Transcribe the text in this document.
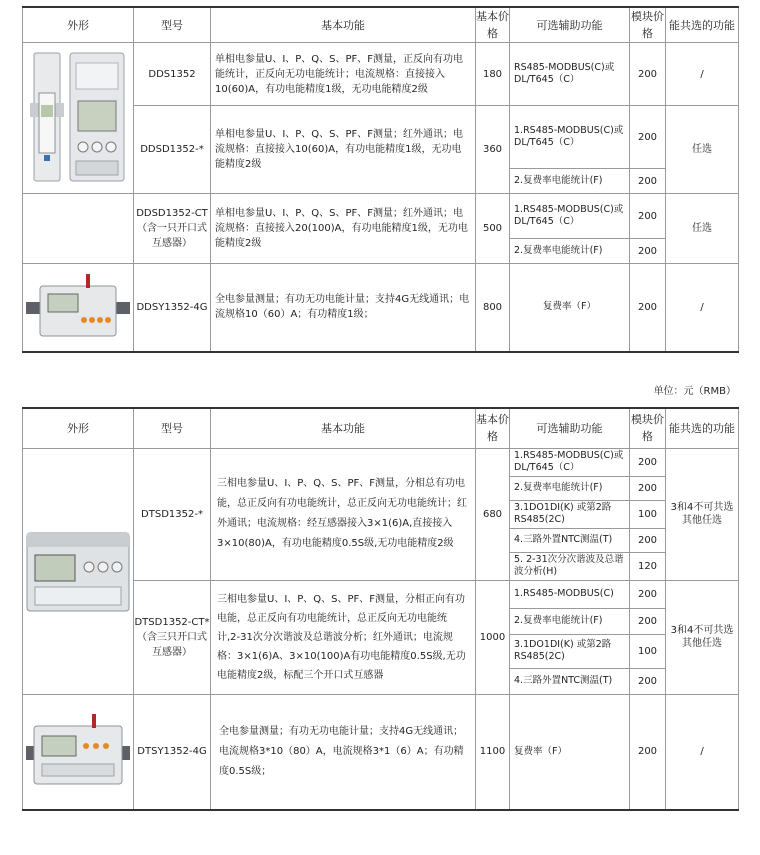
外形	型号	基本功能	基本价格	可选辅助功能	模块价格	能共选的功能

	DDS1352	单相电参量U、I、P、Q、S、PF、F测量，正反向有功电能统计，正反向无功电能统计；电流规格：直接接入10(60)A，有功电能精度1级，无功电能精度2级	180	RS485-MODBUS(C)或DL/T645（C）	200	/
	DDSD1352-*	单相电参量U、I、P、Q、S、PF、F测量；红外通讯；电流规格：直接接入10(60)A，有功电能精度1级，无功电能精度2级	360	1.RS485-MODBUS(C)或DL/T645（C）	200	任选
				2.复费率电能统计(F)	200	
	DDSD1352-CT（含一只开口式互感器）	单相电参量U、I、P、Q、S、PF、F测量；红外通讯；电流规格：直接接入20(100)A，有功电能精度1级，无功电能精度2级	500	1.RS485-MODBUS(C)或DL/T645（C）	200	任选
				2.复费率电能统计(F)	200	

	DDSY1352-4G	全电参量测量；有功无功电能计量；支持4G无线通讯；电流规格10（60）A；有功精度1级；	800	复费率（F）	200	/
单位：元（RMB）
外形	型号	基本功能	基本价格	可选辅助功能	模块价格	能共选的功能

	DTSD1352-*	三相电参量U、I、P、Q、S、PF、F测量，分相总有功电能，总正反向有功电能统计，总正反向无功电能统计；红外通讯；电流规格：经互感器接入3×1(6)A,直接接入3×10(80)A，有功电能精度0.5S级,无功电能精度2级	680	1.RS485-MODBUS(C)或DL/T645（C）	200	3和4不可共选其他任选
				2.复费率电能统计(F)	200	
				3.1DO1DI(K) 或第2路RS485(2C)	100	
				4.三路外置NTC测温(T)	200	
				5. 2-31次分次谐波及总谐波分析(H)	120	
	DTSD1352-CT*（含三只开口式互感器）	三相电参量U、I、P、Q、S、PF、F测量，分相正向有功电能，总正反向有功电能统计，总正反向无功电能统计,2-31次分次谐波及总谐波分析；红外通讯；电流规格：3×1(6)A、3×10(100)A有功电能精度0.5S级,无功电能精度2级，标配三个开口式互感器	1000	1.RS485-MODBUS(C)	200	3和4不可共选其他任选
				2.复费率电能统计(F)	200	
				3.1DO1DI(K) 或第2路RS485(2C)	100	
				4.三路外置NTC测温(T)	200	

	DTSY1352-4G	全电参量测量；有功无功电能计量；支持4G无线通讯；电流规格3*10（80）A，电流规格3*1（6）A；有功精度0.5S级；	1100	复费率（F）	200	/
